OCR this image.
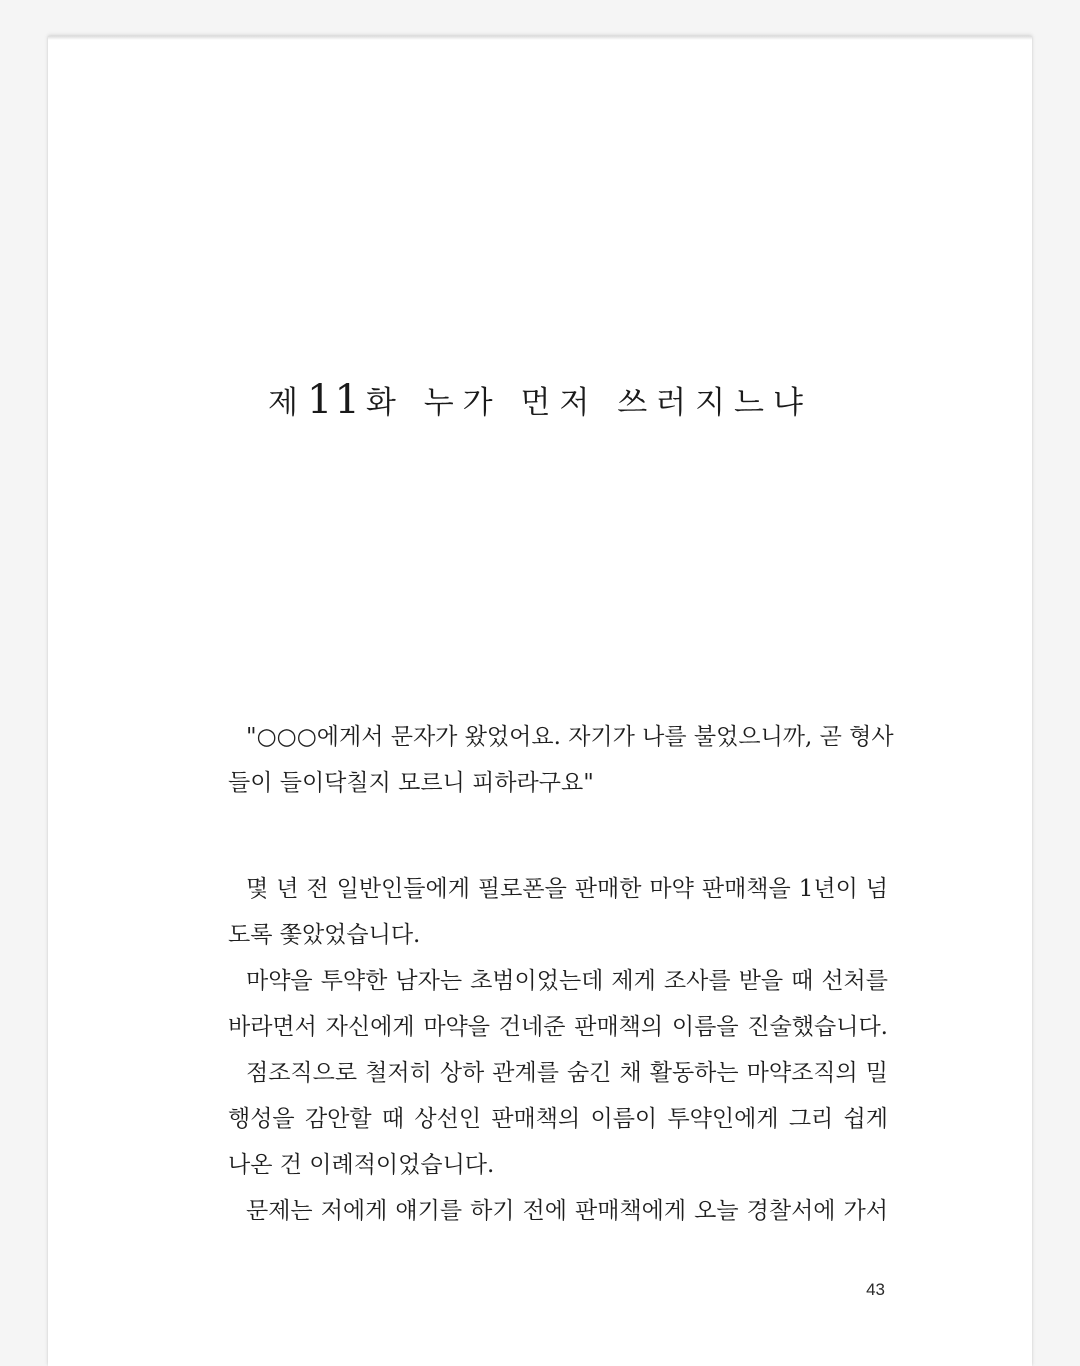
제11 화 누가 먼저 쓰러지느냐
"○○○에게서 문자가 왔었어요. 자기가 나를 불었으니까, 곧 형사
들이 들이닥칠지 모르니 피하라구요"
몇 년 전 일반인들에게 필로폰을 판매한 마약 판매책을 1년이 넘
도록 쫓았었습니다.
마약을 투약한 남자는 초범이었는데 제게 조사를 받을 때 선처를
바라면서 자신에게 마약을 건네준 판매책의 이름을 진술했습니다.
점조직으로 철저히 상하 관계를 숨긴 채 활동하는 마약조직의 밀
행성을 감안할 때 상선인 판매책의 이름이 투약인에게 그리 쉽게
나온 건 이례적이었습니다.
문제는 저에게 얘기를 하기 전에 판매책에게 오늘 경찰서에 가서
43
